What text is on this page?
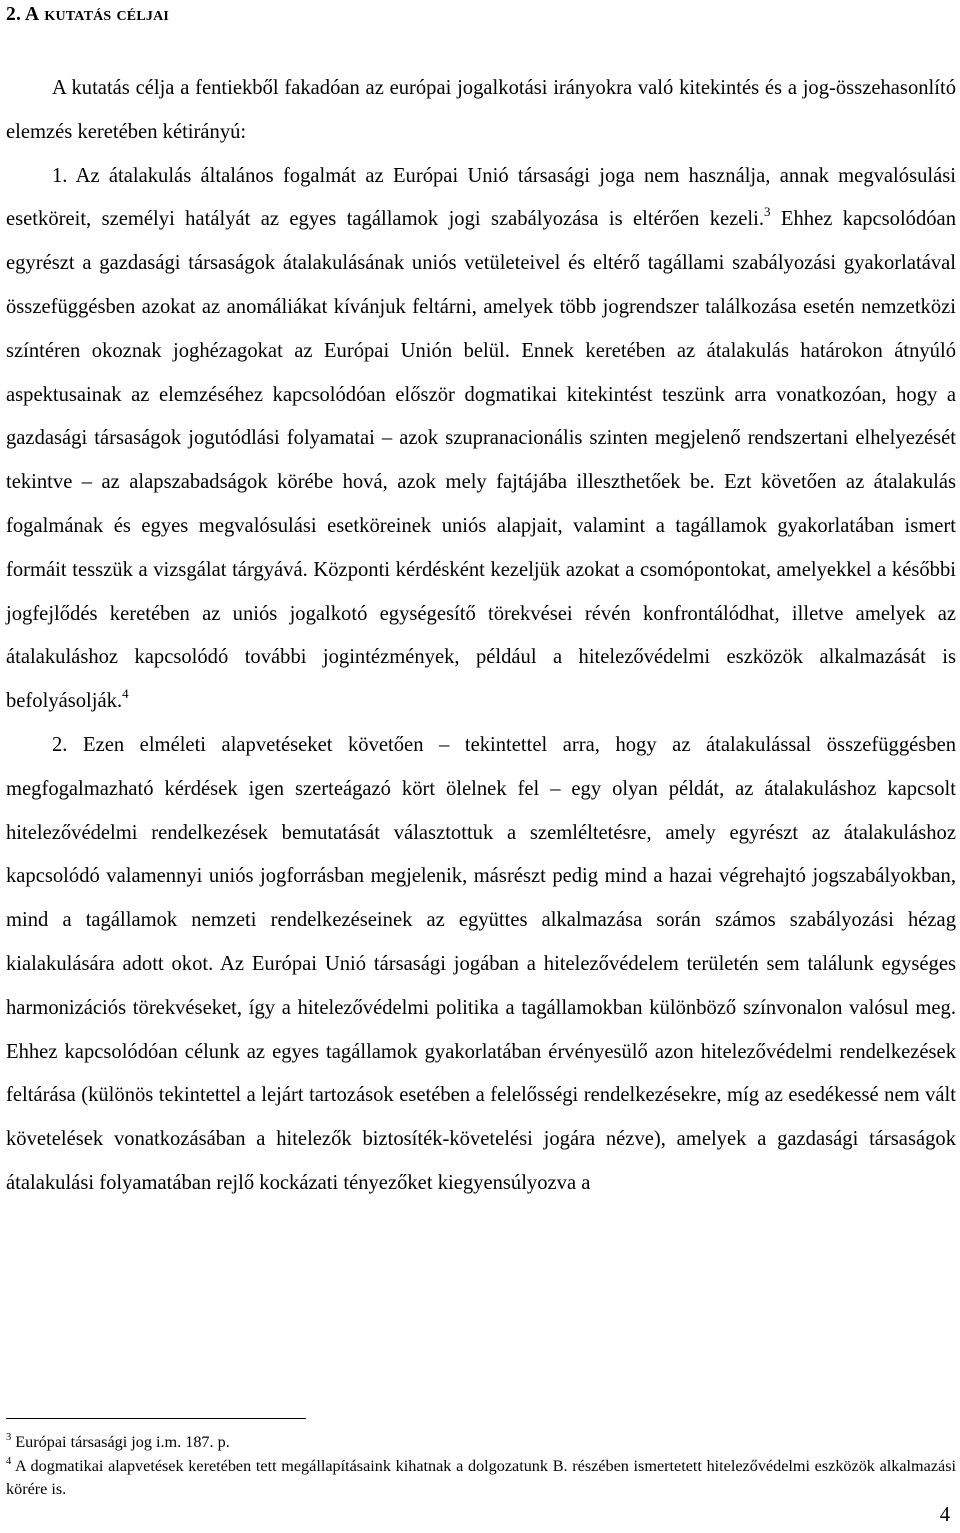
2. A kutatás céljai

A kutatás célja a fentiekből fakadóan az európai jogalkotási irányokra való kitekintés és a jog-összehasonlító elemzés keretében kétirányú:

1. Az átalakulás általános fogalmát az Európai Unió társasági joga nem használja, annak megvalósulási esetköreit, személyi hatályát az egyes tagállamok jogi szabályozása is eltérően kezeli.$^3$ Ehhez kapcsolódóan egyrészt a gazdasági társaságok átalakulásának uniós vetületeivel és eltérő tagállami szabályozási gyakorlatával összefüggésben azokat az anomáliákat kívánjuk feltárni, amelyek több jogrendszer találkozása esetén nemzetközi színtéren okoznak joghézagokat az Európai Unión belül. Ennek keretében az átalakulás határokon átnyúló aspektusainak az elemzéséhez kapcsolódóan először dogmatikai kitekintést teszünk arra vonatkozóan, hogy a gazdasági társaságok jogutódlási folyamatai – azok szupranacionális szinten megjelenő rendszertani elhelyezését tekintve – az alapszabadságok körébe hová, azok mely fajtájába illeszthetőek be. Ezt követően az átalakulás fogalmának és egyes megvalósulási esetköreinek uniós alapjait, valamint a tagállamok gyakorlatában ismert formáit tesszük a vizsgálat tárgyává. Központi kérdésként kezeljük azokat a csomópontokat, amelyekkel a későbbi jogfejlődés keretében az uniós jogalkotó egységesítő törekvései révén konfrontálódhat, illetve amelyek az átalakuláshoz kapcsolódó további jogintézmények, például a hitelezővédelmi eszközök alkalmazását is befolyásolják.$^4$

2. Ezen elméleti alapvetéseket követően – tekintettel arra, hogy az átalakulással összefüggésben megfogalmazható kérdések igen szerteágazó kört ölelnek fel – egy olyan példát, az átalakuláshoz kapcsolt hitelezővédelmi rendelkezések bemutatását választottuk a szemléltetésre, amely egyrészt az átalakuláshoz kapcsolódó valamennyi uniós jogforrásban megjelenik, másrészt pedig mind a hazai végrehajtó jogszabályokban, mind a tagállamok nemzeti rendelkezéseinek az együttes alkalmazása során számos szabályozási hézag kialakulására adott okot. Az Európai Unió társasági jogában a hitelezővédelem területén sem találunk egységes harmonizációs törekvéseket, így a hitelezővédelmi politika a tagállamokban különböző színvonalon valósul meg. Ehhez kapcsolódóan célunk az egyes tagállamok gyakorlatában érvényesülő azon hitelezővédelmi rendelkezések feltárása (különös tekintettel a lejárt tartozások esetében a felelősségi rendelkezésekre, míg az esedékessé nem vált követelések vonatkozásában a hitelezők biztosíték-követelési jogára nézve), amelyek a gazdasági társaságok átalakulási folyamatában rejlő kockázati tényezőket kiegyensúlyozva a

$^3$ Európai társasági jog i.m. 187. p.

$^4$ A dogmatikai alapvetések keretében tett megállapításaink kihatnak a dolgozatunk B. részében ismertetett hitelezővédelmi eszközök alkalmazási körére is.

4
